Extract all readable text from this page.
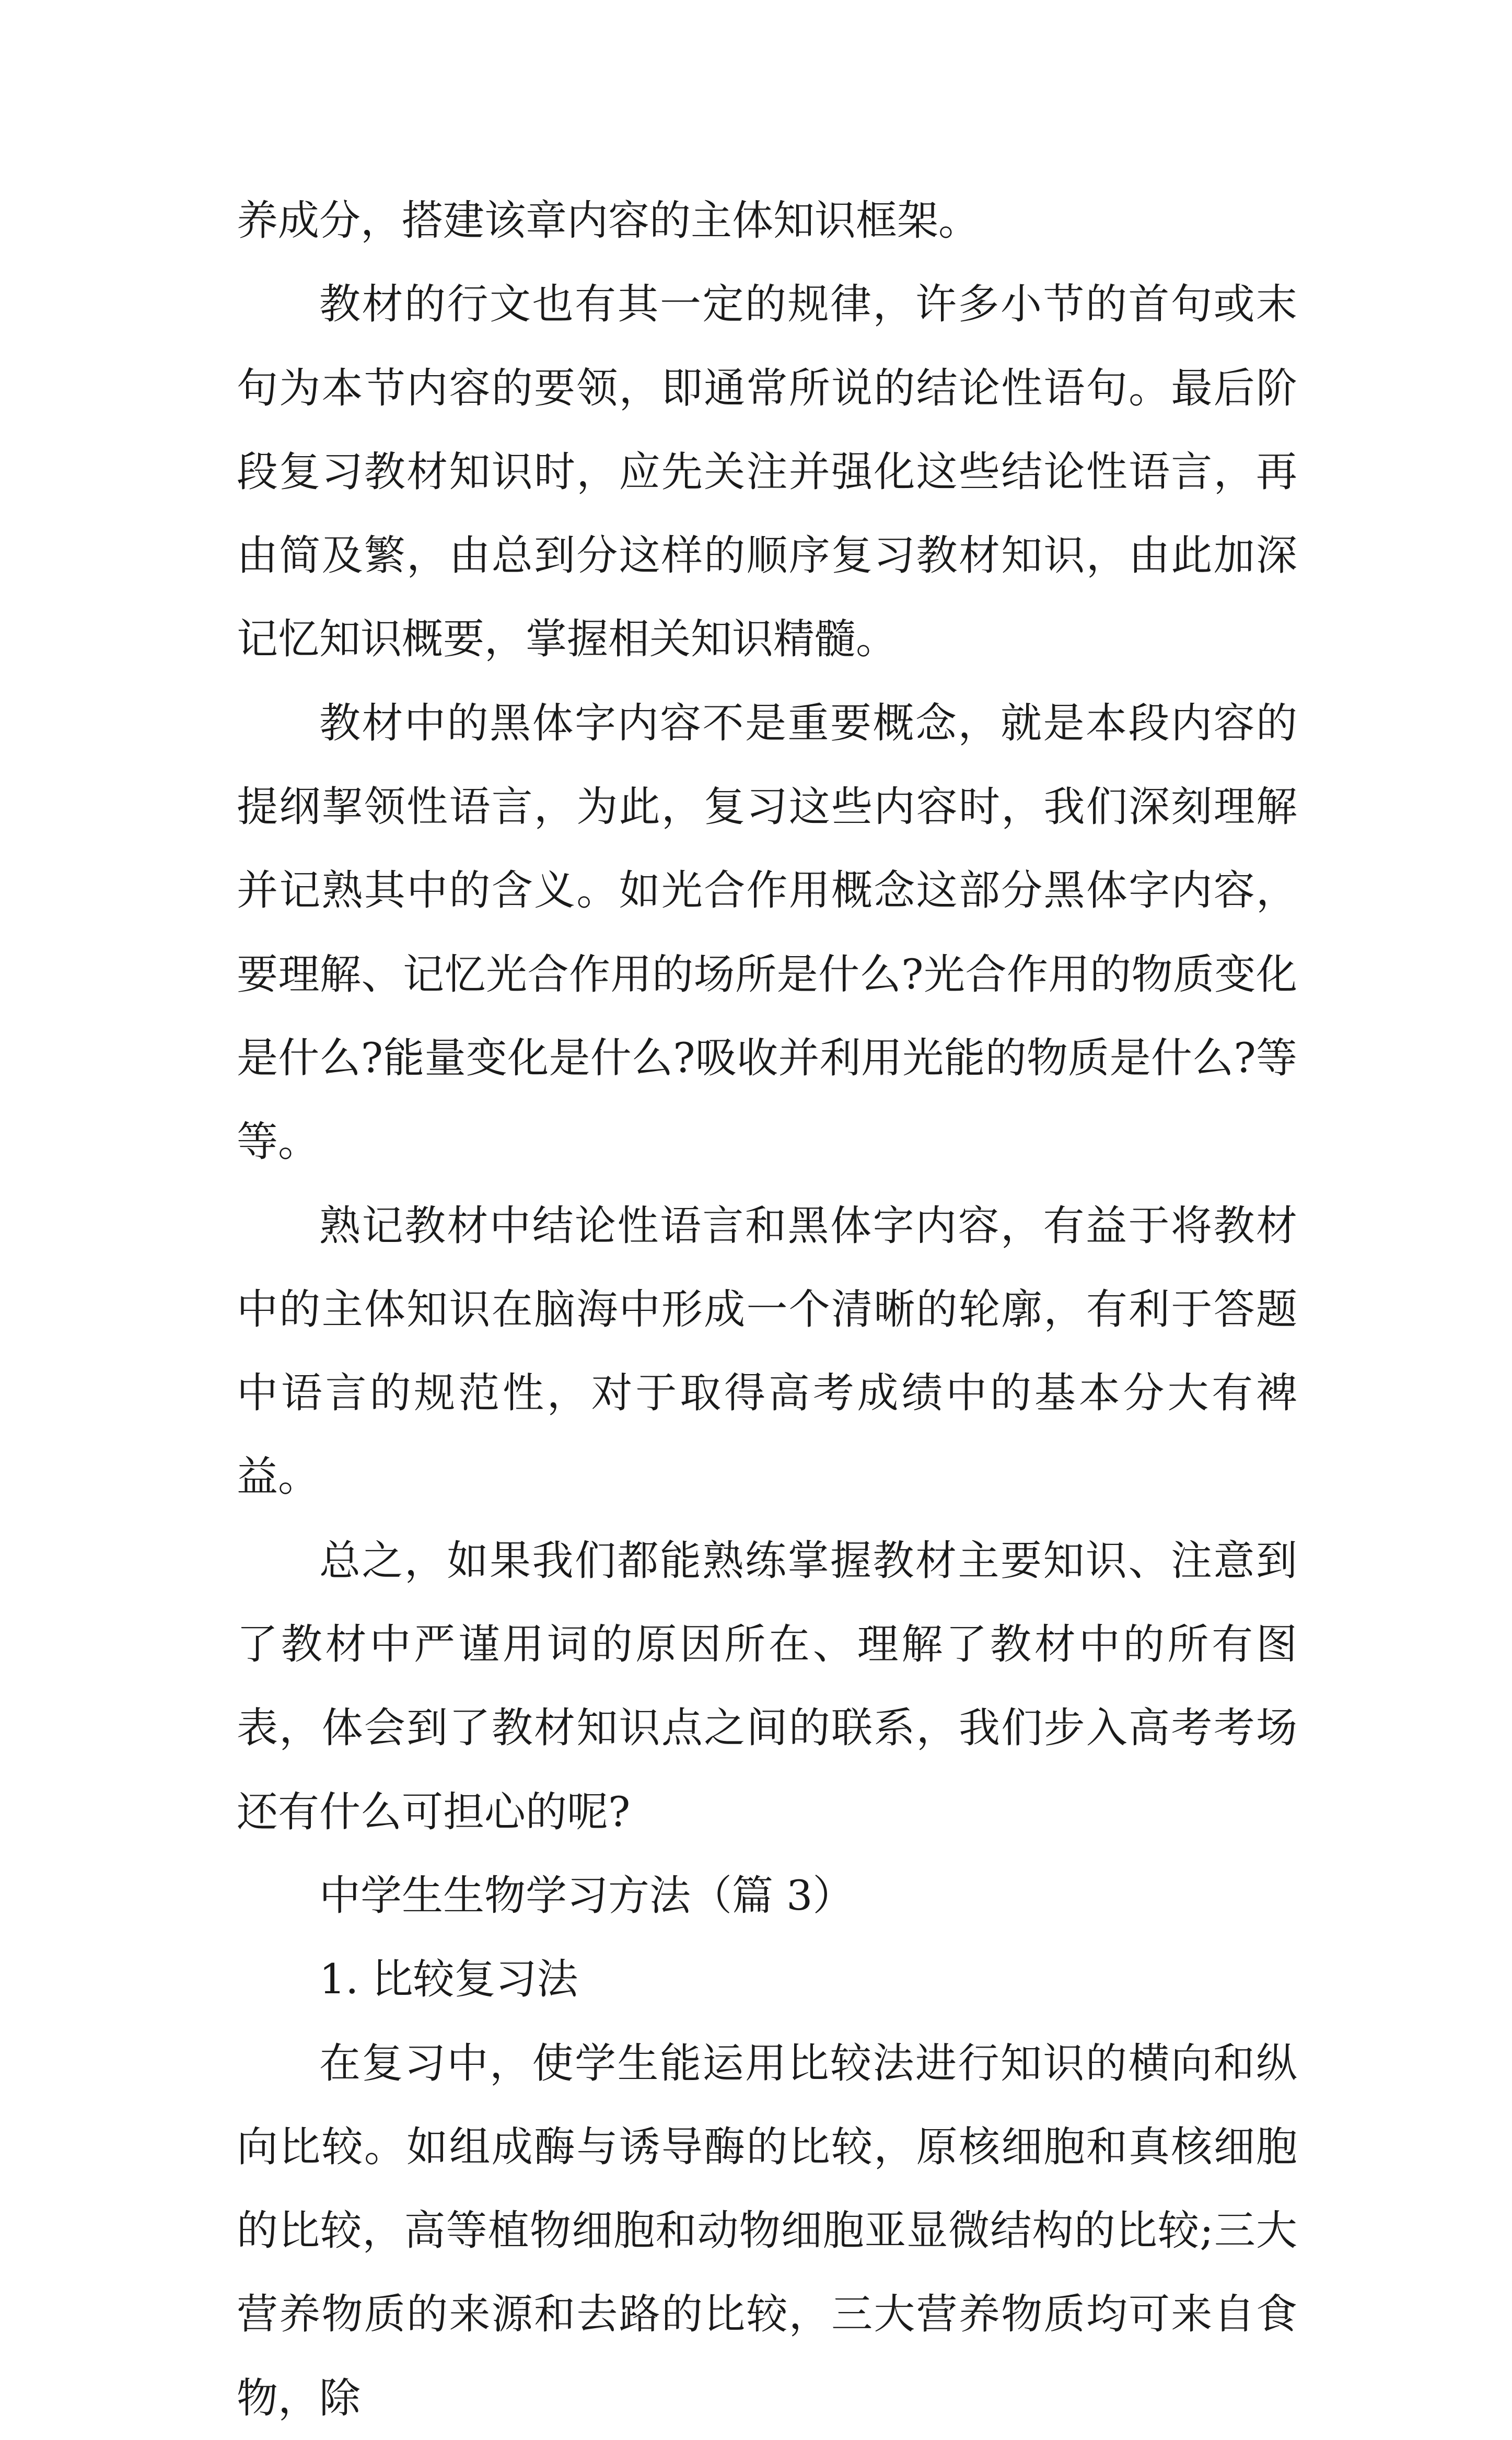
养成分，搭建该章内容的主体知识框架。

教材的行文也有其一定的规律，许多小节的首句或末句为本节内容的要领，即通常所说的结论性语句。最后阶段复习教材知识时，应先关注并强化这些结论性语言，再由简及繁，由总到分这样的顺序复习教材知识，由此加深记忆知识概要，掌握相关知识精髓。

教材中的黑体字内容不是重要概念，就是本段内容的提纲挈领性语言，为此，复习这些内容时，我们深刻理解并记熟其中的含义。如光合作用概念这部分黑体字内容，要理解、记忆光合作用的场所是什么?光合作用的物质变化是什么?能量变化是什么?吸收并利用光能的物质是什么?等等。

熟记教材中结论性语言和黑体字内容，有益于将教材中的主体知识在脑海中形成一个清晰的轮廓，有利于答题中语言的规范性，对于取得高考成绩中的基本分大有裨益。

总之，如果我们都能熟练掌握教材主要知识、注意到了教材中严谨用词的原因所在、理解了教材中的所有图表，体会到了教材知识点之间的联系，我们步入高考考场还有什么可担心的呢?

中学生生物学习方法（篇 3）

1. 比较复习法

在复习中，使学生能运用比较法进行知识的横向和纵向比较。如组成酶与诱导酶的比较，原核细胞和真核细胞的比较，高等植物细胞和动物细胞亚显微结构的比较;三大营养物质的来源和去路的比较，三大营养物质均可来自食物，除
